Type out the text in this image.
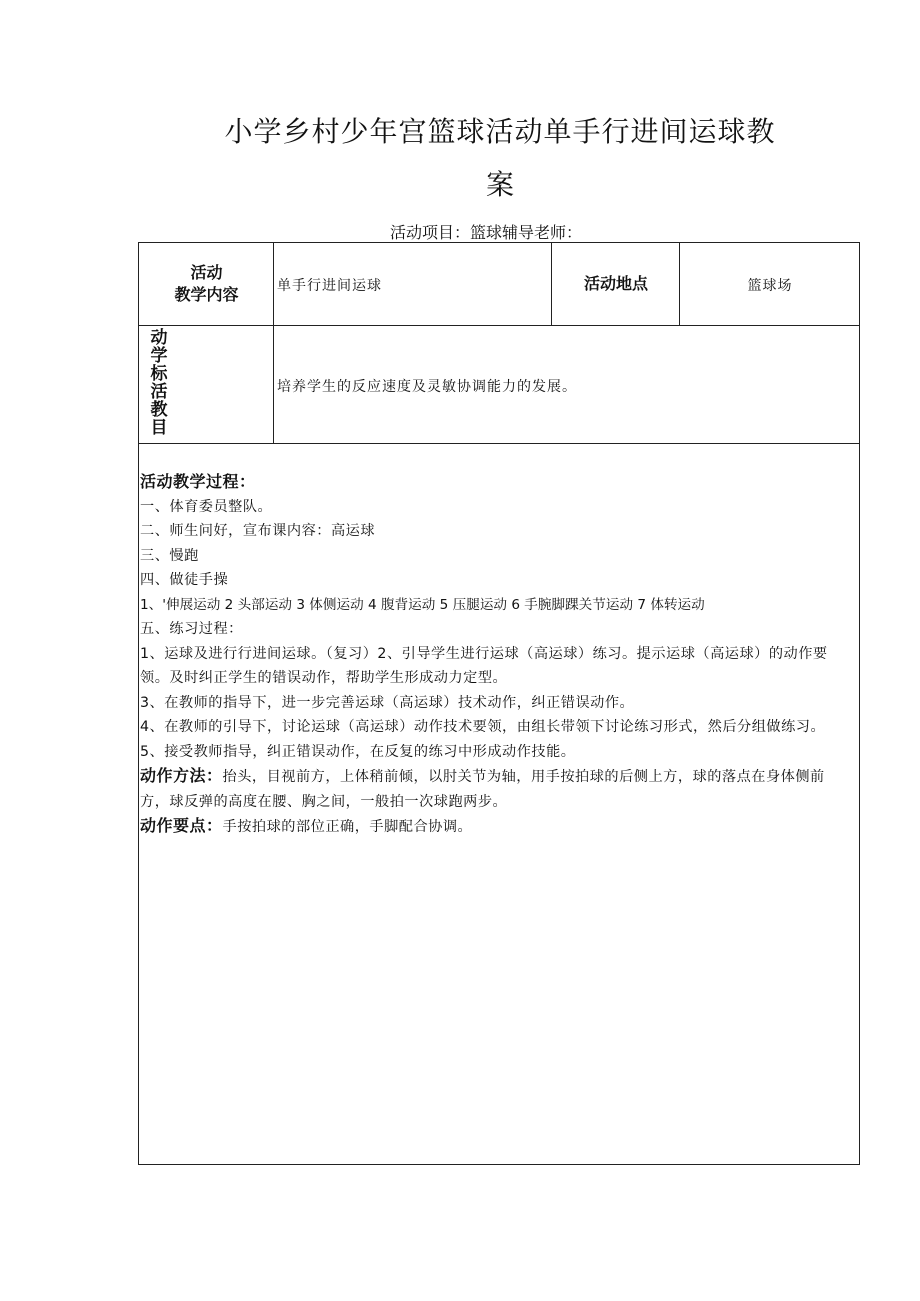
小学乡村少年宫篮球活动单手行进间运球教
案
活动项目：篮球辅导老师：
活动
教学内容	单手行进间运球	活动地点	篮球场
动
学
标
活
教
目
培养学生的反应速度及灵敏协调能力的发展。

活动教学过程：

一、体育委员整队。

二、师生问好，宣布课内容：高运球

三、慢跑

四、做徒手操

1、'伸展运动 2 头部运动 3 体侧运动 4 腹背运动 5 压腿运动 6 手腕脚踝关节运动 7 体转运动

五、练习过程：

1、运球及进行行进间运球。（复习）2、引导学生进行运球（高运球）练习。提示运球（高运球）的动作要领。及时纠正学生的错误动作，帮助学生形成动力定型。

3、在教师的指导下，进一步完善运球（高运球）技术动作，纠正错误动作。

4、在教师的引导下，讨论运球（高运球）动作技术要领，由组长带领下讨论练习形式，然后分组做练习。

5、接受教师指导，纠正错误动作，在反复的练习中形成动作技能。

动作方法：抬头，目视前方，上体稍前倾，以肘关节为轴，用手按拍球的后侧上方，球的落点在身体侧前方，球反弹的高度在腰、胸之间，一般拍一次球跑两步。

动作要点：手按拍球的部位正确，手脚配合协调。
